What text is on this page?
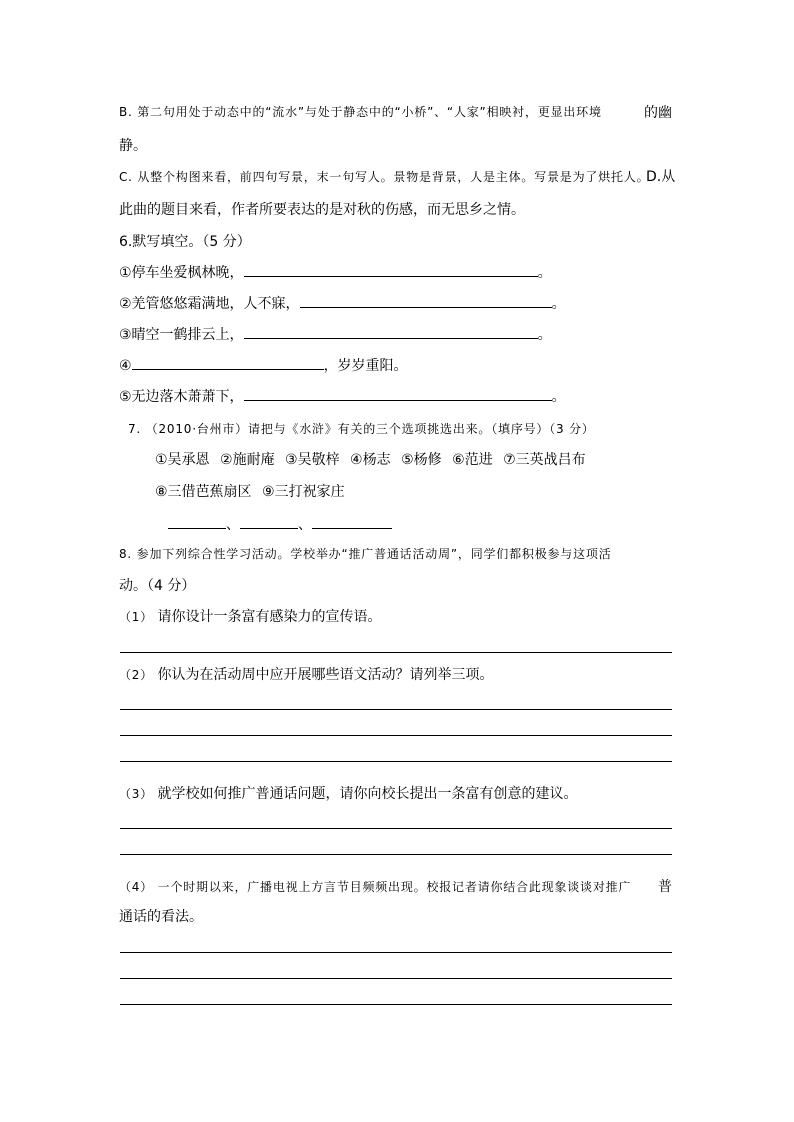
B. 第二句用处于动态中的“流水”与处于静态中的“小桥”、“人家”相映衬，更显出环境	的幽
静。
C. 从整个构图来看，前四句写景，末一句写人。景物是背景，人是主体。写景是为了烘托人。
D.从
此曲的题目来看，作者所要表达的是对秋的伤感，而无思乡之情。
6.默写填空。（5 分）
①停车坐爱枫林晚，	。
②羌管悠悠霜满地，人不寐，	。
③晴空一鹤排云上，	。
④	，岁岁重阳。
⑤无边落木萧萧下，	。
7. （2010·台州市）请把与《水浒》有关的三个选项挑选出来。（填序号）（3 分）
①吴承恩 ②施耐庵 ③吴敬梓 ④杨志 ⑤杨修 ⑥范进 ⑦三英战吕布
⑧三借芭蕉扇区 ⑨三打祝家庄
、	、
8. 参加下列综合性学习活动。学校举办“推广普通话活动周”，同学们都积极参与这项活
动。（4 分）
（1） 请你设计一条富有感染力的宣传语。
（2） 你认为在活动周中应开展哪些语文活动？请列举三项。
（3） 就学校如何推广普通话问题，请你向校长提出一条富有创意的建议。
（4） 一个时期以来，广播电视上方言节目频频出现。校报记者请你结合此现象谈谈对推广 普
通话的看法。
